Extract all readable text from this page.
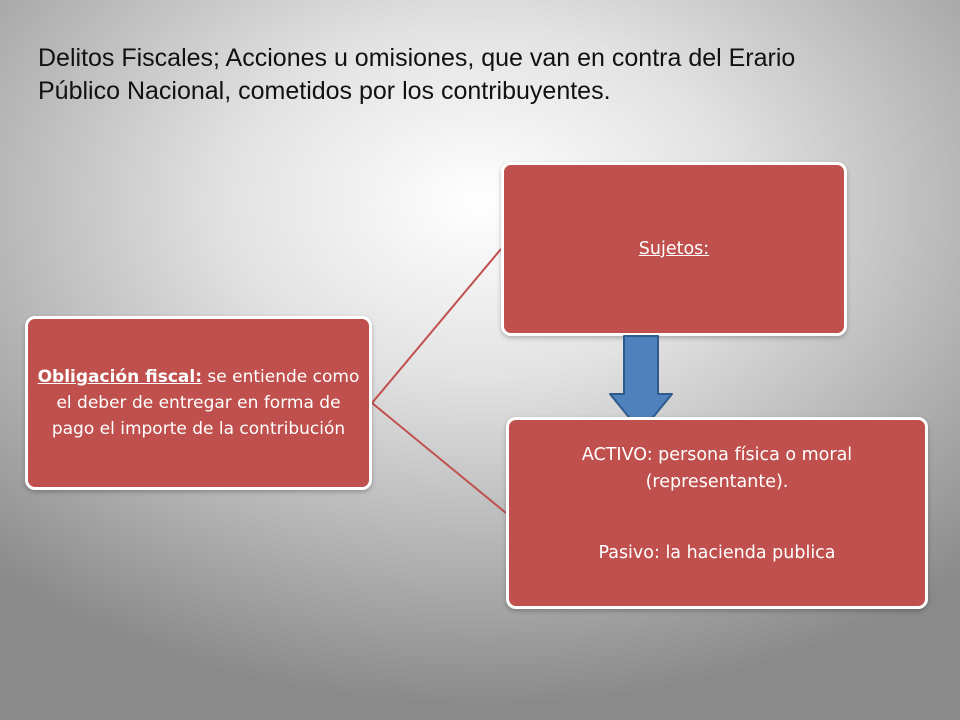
Delitos Fiscales; Acciones u omisiones, que van en contra del Erario Público Nacional, cometidos por los contribuyentes.
Obligación fiscal: se entiende como el deber de entregar en forma de pago el importe de la contribución
Sujetos:
ACTIVO: persona física o moral (representante).
Pasivo: la hacienda publica
